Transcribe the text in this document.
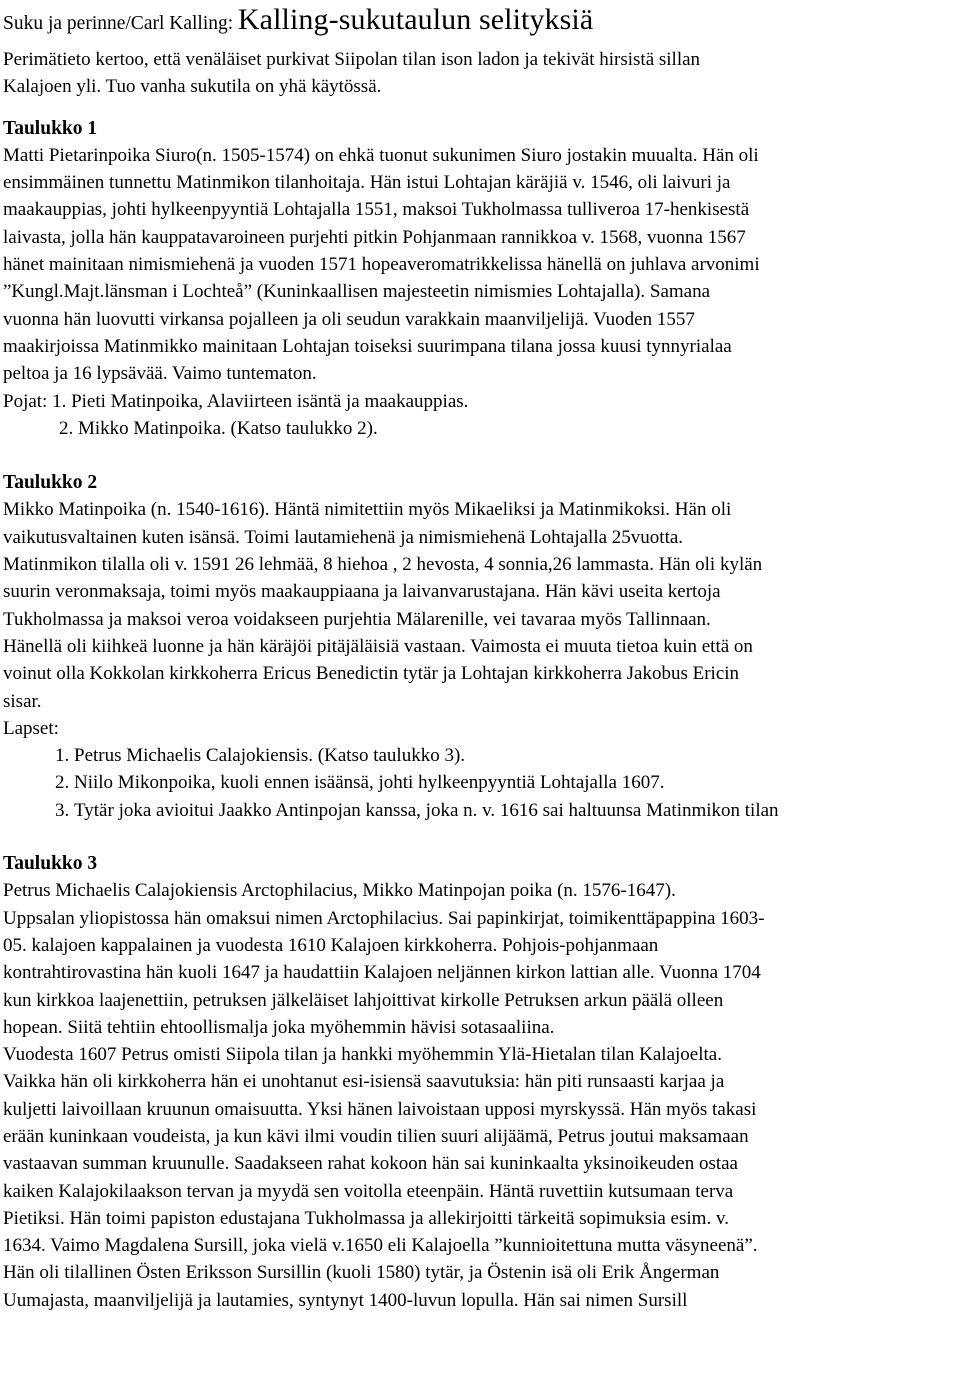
Suku ja perinne/Carl Kalling: Kalling-sukutaulun selityksiä

Perimätieto kertoo, että venäläiset purkivat Siipolan tilan ison ladon ja tekivät hirsistä sillan

Kalajoen yli. Tuo vanha sukutila on yhä käytössä.

Taulukko 1

Matti Pietarinpoika Siuro(n. 1505-1574) on ehkä tuonut sukunimen Siuro jostakin muualta. Hän oli

ensimmäinen tunnettu Matinmikon tilanhoitaja. Hän istui Lohtajan käräjiä v. 1546, oli laivuri ja

maakauppias, johti hylkeenpyyntiä Lohtajalla 1551, maksoi Tukholmassa tulliveroa 17-henkisestä

laivasta, jolla hän kauppatavaroineen purjehti pitkin Pohjanmaan rannikkoa v. 1568, vuonna 1567

hänet mainitaan nimismiehenä ja vuoden 1571 hopeaveromatrikkelissa hänellä on juhlava arvonimi

”Kungl.Majt.länsman i Lochteå” (Kuninkaallisen majesteetin nimismies Lohtajalla). Samana

vuonna hän luovutti virkansa pojalleen ja oli seudun varakkain maanviljelijä. Vuoden 1557

maakirjoissa Matinmikko mainitaan Lohtajan toiseksi suurimpana tilana jossa kuusi tynnyrialaa

peltoa ja 16 lypsävää. Vaimo tuntematon.

Pojat: 1. Pieti Matinpoika, Alaviirteen isäntä ja maakauppias.

2. Mikko Matinpoika. (Katso taulukko 2).

Taulukko 2

Mikko Matinpoika (n. 1540-1616). Häntä nimitettiin myös Mikaeliksi ja Matinmikoksi. Hän oli

vaikutusvaltainen kuten isänsä. Toimi lautamiehenä ja nimismiehenä Lohtajalla 25vuotta.

Matinmikon tilalla oli v. 1591 26 lehmää, 8 hiehoa , 2 hevosta, 4 sonnia,26 lammasta. Hän oli kylän

suurin veronmaksaja, toimi myös maakauppiaana ja laivanvarustajana. Hän kävi useita kertoja

Tukholmassa ja maksoi veroa voidakseen purjehtia Mälarenille, vei tavaraa myös Tallinnaan.

Hänellä oli kiihkeä luonne ja hän käräjöi pitäjäläisiä vastaan. Vaimosta ei muuta tietoa kuin että on

voinut olla Kokkolan kirkkoherra Ericus Benedictin tytär ja Lohtajan kirkkoherra Jakobus Ericin

sisar.

Lapset:

1. Petrus Michaelis Calajokiensis. (Katso taulukko 3).
2. Niilo Mikonpoika, kuoli ennen isäänsä, johti hylkeenpyyntiä Lohtajalla 1607.
3. Tytär joka avioitui Jaakko Antinpojan kanssa, joka n. v. 1616 sai haltuunsa Matinmikon tilan

Taulukko 3

Petrus Michaelis Calajokiensis Arctophilacius, Mikko Matinpojan poika (n. 1576-1647).

Uppsalan yliopistossa hän omaksui nimen Arctophilacius. Sai papinkirjat, toimikenttäpappina 1603-

05. kalajoen kappalainen ja vuodesta 1610 Kalajoen kirkkoherra. Pohjois-pohjanmaan

kontrahtirovastina hän kuoli 1647 ja haudattiin Kalajoen neljännen kirkon lattian alle. Vuonna 1704

kun kirkkoa laajenettiin, petruksen jälkeläiset lahjoittivat kirkolle Petruksen arkun päälä olleen

hopean. Siitä tehtiin ehtoollismalja joka myöhemmin hävisi sotasaaliina.

Vuodesta 1607 Petrus omisti Siipola tilan ja hankki myöhemmin Ylä-Hietalan tilan Kalajoelta.

Vaikka hän oli kirkkoherra hän ei unohtanut esi-isiensä saavutuksia: hän piti runsaasti karjaa ja

kuljetti laivoillaan kruunun omaisuutta. Yksi hänen laivoistaan upposi myrskyssä. Hän myös takasi

erään kuninkaan voudeista, ja kun kävi ilmi voudin tilien suuri alijäämä, Petrus joutui maksamaan

vastaavan summan kruunulle. Saadakseen rahat kokoon hän sai kuninkaalta yksinoikeuden ostaa

kaiken Kalajokilaakson tervan ja myydä sen voitolla eteenpäin. Häntä ruvettiin kutsumaan terva

Pietiksi. Hän toimi papiston edustajana Tukholmassa ja allekirjoitti tärkeitä sopimuksia esim. v.

1634. Vaimo Magdalena Sursill, joka vielä v.1650 eli Kalajoella ”kunnioitettuna mutta väsyneenä”.

Hän oli tilallinen Östen Eriksson Sursillin (kuoli 1580) tytär, ja Östenin isä oli Erik Ångerman

Uumajasta, maanviljelijä ja lautamies, syntynyt 1400-luvun lopulla. Hän sai nimen Sursill
